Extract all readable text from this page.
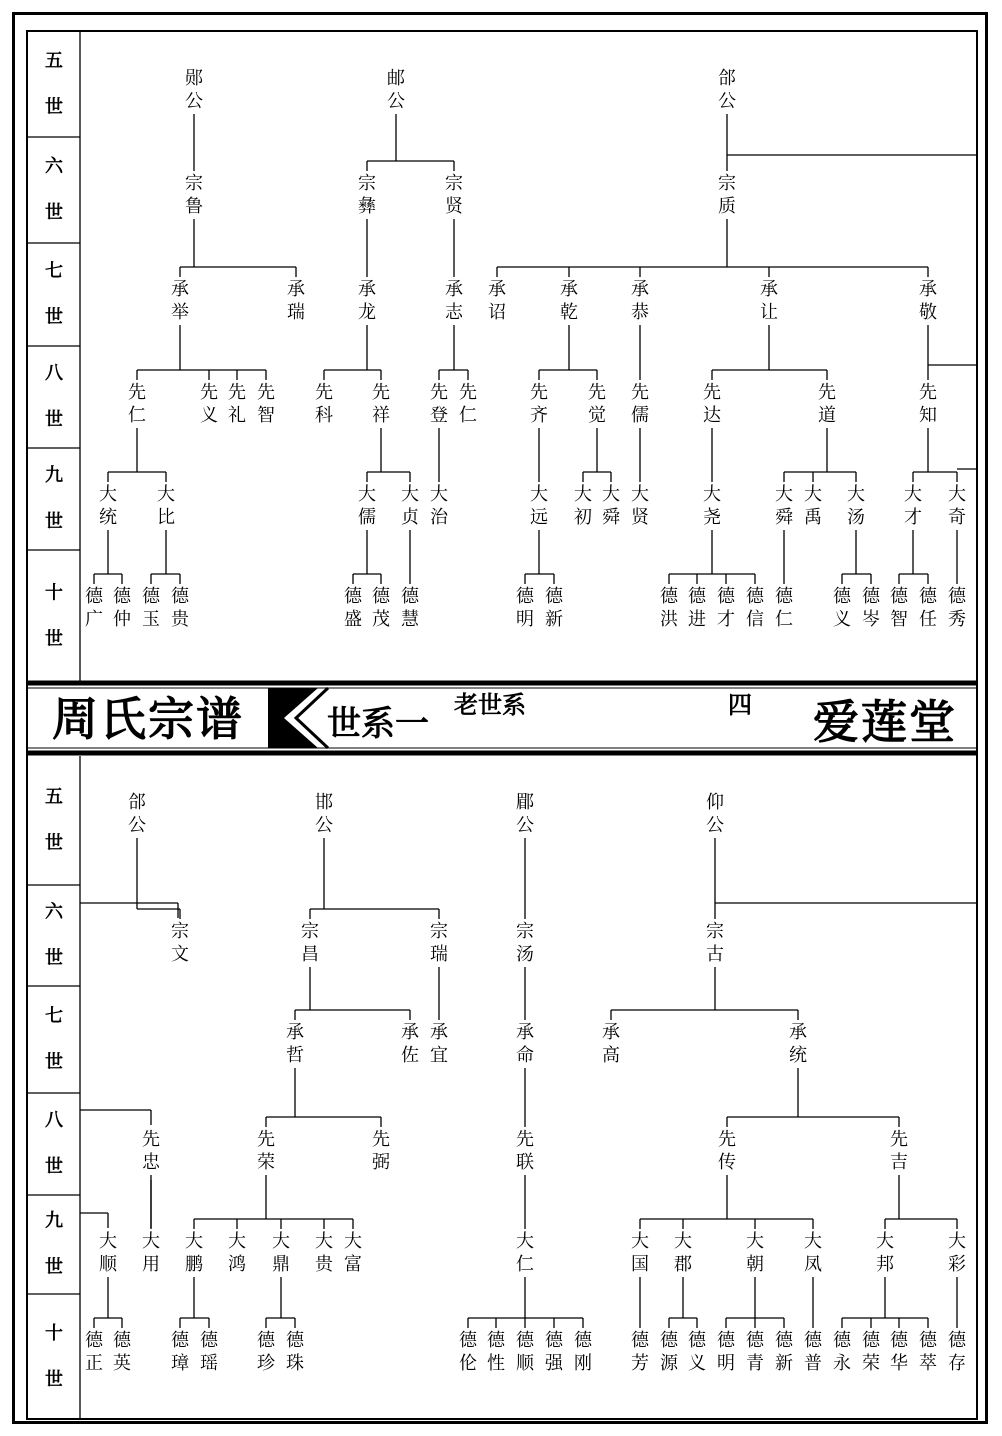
五
世
六
世
七
世
八
世
九
世
十
世
五
世
六
世
七
世
八
世
九
世
十
世
郧
公
邮
公
郃
公
宗
鲁
宗
彝
宗
贤
宗
质
承
举
承
瑞
承
龙
承
志
承
诏
承
乾
承
恭
承
让
承
敬
先
仁
先
义
先
礼
先
智
先
科
先
祥
先
登
先
仁
先
齐
先
觉
先
儒
先
达
先
道
先
知
大
统
大
比
大
儒
大
贞
大
治
大
远
大
初
大
舜
大
贤
大
尧
大
舜
大
禹
大
汤
大
才
大
奇
德
广
德
仲
德
玉
德
贵
德
盛
德
茂
德
慧
德
明
德
新
德
洪
德
进
德
才
德
信
德
仁
德
义
德
岑
德
智
德
任
德
秀
郃
公
邯
公
郿
公
仰
公
宗
文
宗
昌
宗
瑞
宗
汤
宗
古
承
哲
承
佐
承
宜
承
命
承
高
承
统
先
忠
先
荣
先
弼
先
联
先
传
先
吉
大
顺
大
用
大
鹏
大
鸿
大
鼎
大
贵
大
富
大
仁
大
国
大
郡
大
朝
大
凤
大
邦
大
彩
德
正
德
英
德
璋
德
瑶
德
珍
德
珠
德
伦
德
性
德
顺
德
强
德
刚
德
芳
德
源
德
义
德
明
德
青
德
新
德
普
德
永
德
荣
德
华
德
萃
德
存
周氏宗谱 世系一 老世系	四 爱莲堂
